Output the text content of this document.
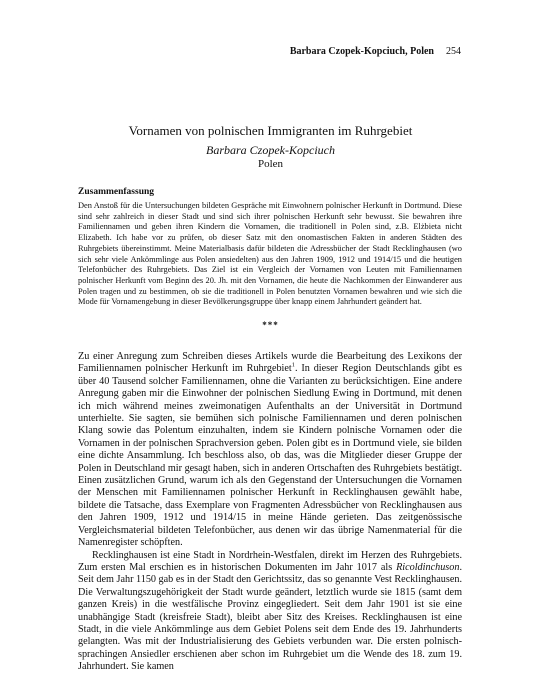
Barbara Czopek-Kopciuch, Polen 254
Vornamen von polnischen Immigranten im Ruhrgebiet
Barbara Czopek-Kopciuch
Polen
Zusammenfassung
Den Anstoß für die Untersuchungen bildeten Gespräche mit Einwohnern polnischer Herkunft in Dortmund. Diese sind sehr zahlreich in dieser Stadt und sind sich ihrer polnischen Herkunft sehr bewusst. Sie bewahren ihre Familiennamen und geben ihren Kindern die Vornamen, die traditionell in Polen sind, z.B. Elżbieta nicht Elizabeth. Ich habe vor zu prüfen, ob dieser Satz mit den onomastischen Fakten in anderen Städten des Ruhrgebiets übereinstimmt. Meine Materialbasis dafür bildeten die Adressbücher der Stadt Recklinghausen (wo sich sehr viele Ankömmlinge aus Polen ansiedelten) aus den Jahren 1909, 1912 und 1914/15 und die heutigen Telefonbücher des Ruhrgebiets. Das Ziel ist ein Vergleich der Vornamen von Leuten mit Familiennamen polnischer Herkunft vom Beginn des 20. Jh. mit den Vornamen, die heute die Nachkommen der Einwanderer aus Polen tragen und zu bestimmen, ob sie die traditionell in Polen benutzten Vornamen bewahren und wie sich die Mode für Vornamengebung in dieser Bevölkerungsgruppe über knapp einem Jahrhundert geändert hat.
***

Zu einer Anregung zum Schreiben dieses Artikels wurde die Bearbeitung des Lexikons der Familiennamen polnischer Herkunft im Ruhrgebiet$^1$. In dieser Region Deutschlands gibt es über 40 Tausend solcher Familiennamen, ohne die Varianten zu berücksichtigen. Eine andere Anregung gaben mir die Einwohner der polnischen Siedlung Ewing in Dortmund, mit denen ich mich während meines zweimonatigen Aufenthalts an der Universität in Dortmund unterhielte. Sie sagten, sie bemühen sich polnische Familiennamen und deren polnischen Klang sowie das Polentum einzuhalten, indem sie Kindern polnische Vornamen oder die Vornamen in der polnischen Sprachversion geben. Polen gibt es in Dortmund viele, sie bilden eine dichte Ansammlung. Ich beschloss also, ob das, was die Mitglieder dieser Gruppe der Polen in Deutschland mir gesagt haben, sich in anderen Ortschaften des Ruhrgebiets bestätigt. Einen zusätzlichen Grund, warum ich als den Gegenstand der Untersuchungen die Vornamen der Menschen mit Familiennamen polnischer Herkunft in Recklinghausen gewählt habe, bildete die Tatsache, dass Exemplare von Fragmenten Adressbücher von Recklinghausen aus den Jahren 1909, 1912 und 1914/15 in meine Hände gerieten. Das zeitgenössische Vergleichsmaterial bildeten Telefonbücher, aus denen wir das übrige Namenmaterial für die Namenregister schöpften.

Recklinghausen ist eine Stadt in Nordrhein-Westfalen, direkt im Herzen des Ruhrgebiets. Zum ersten Mal erschien es in historischen Dokumenten im Jahr 1017 als Ricoldinchuson. Seit dem Jahr 1150 gab es in der Stadt den Gerichtssitz, das so genannte Vest Recklinghausen. Die Verwaltungszugehörigkeit der Stadt wurde geändert, letztlich wurde sie 1815 (samt dem ganzen Kreis) in die westfälische Provinz eingegliedert. Seit dem Jahr 1901 ist sie eine unabhängige Stadt (kreisfreie Stadt), bleibt aber Sitz des Kreises. Recklinghausen ist eine Stadt, in die viele Ankömmlinge aus dem Gebiet Polens seit dem Ende des 19. Jahrhunderts gelangten. Was mit der Industrialisierung des Gebiets verbunden war. Die ersten polnisch-sprachingen Ansiedler erschienen aber schon im Ruhrgebiet um die Wende des 18. zum 19. Jahrhundert. Sie kamen
